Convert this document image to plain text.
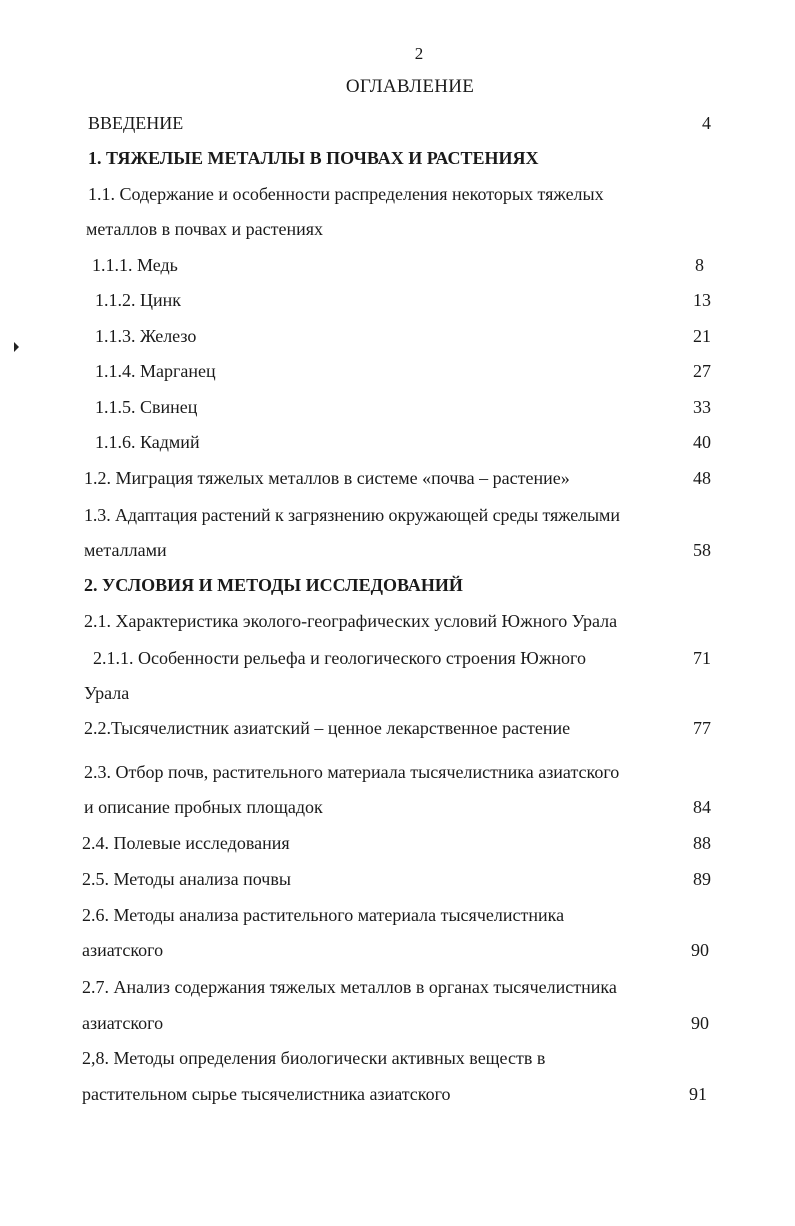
2
ОГЛАВЛЕНИЕ
ВВЕДЕНИЕ	4
1. ТЯЖЕЛЫЕ МЕТАЛЛЫ В ПОЧВАХ И РАСТЕНИЯХ
1.1. Содержание и особенности распределения некоторых тяжелых
металлов в почвах и растениях
1.1.1. Медь	8
1.1.2. Цинк	13
1.1.3. Железо	21
1.1.4. Марганец	27
1.1.5. Свинец	33
1.1.6. Кадмий	40
1.2. Миграция тяжелых металлов в системе «почва – растение»	48
1.3. Адаптация растений к загрязнению окружающей среды тяжелыми
металлами	58
2. УСЛОВИЯ И МЕТОДЫ ИССЛЕДОВАНИЙ
2.1. Характеристика эколого-географических условий Южного Урала
2.1.1. Особенности рельефа и геологического строения Южного	71
Урала
2.2.Тысячелистник азиатский – ценное лекарственное растение	77
2.3. Отбор почв, растительного материала тысячелистника азиатского
и описание пробных площадок	84
2.4. Полевые исследования	88
2.5. Методы анализа почвы	89
2.6. Методы анализа растительного материала тысячелистника
азиатского	90
2.7. Анализ содержания тяжелых металлов в органах тысячелистника
азиатского	90
2,8. Методы определения биологически активных веществ в
растительном сырье тысячелистника азиатского	91
